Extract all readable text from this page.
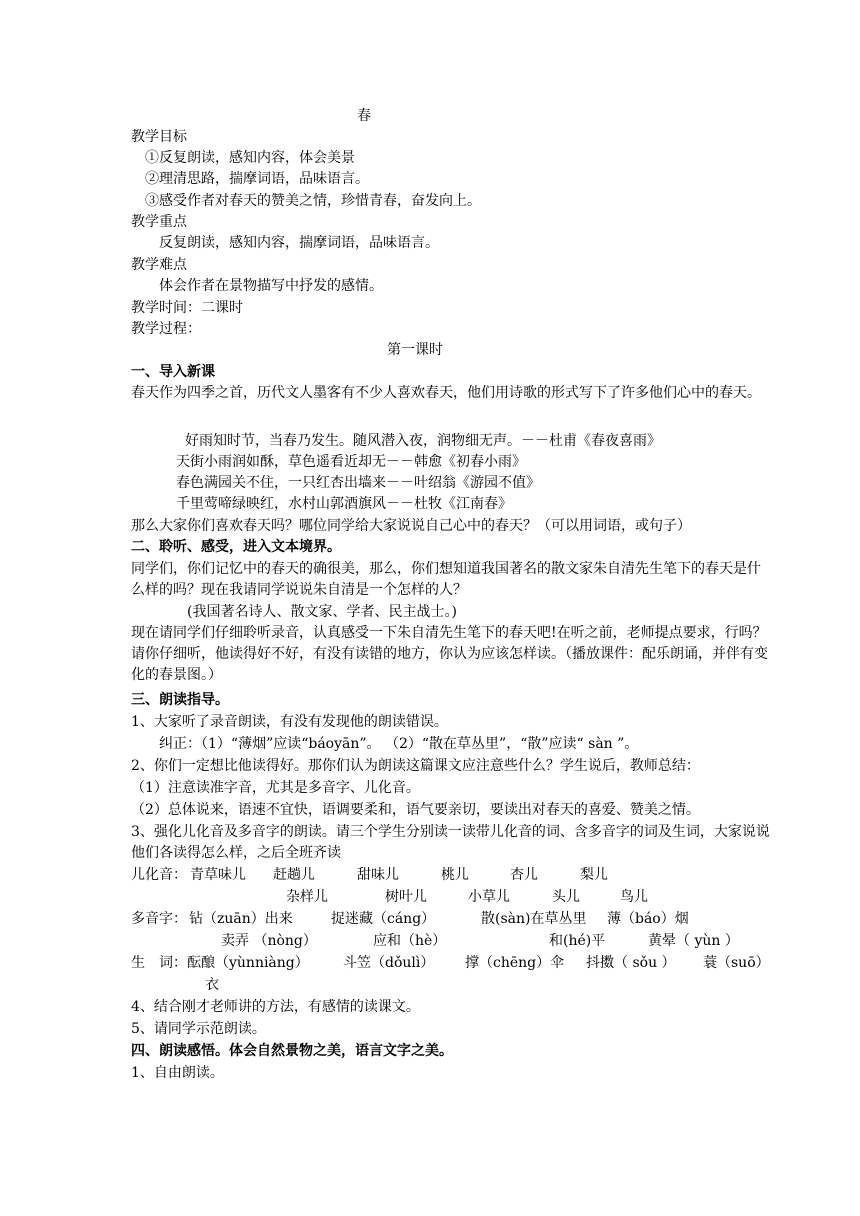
春
教学目标
①反复朗读，感知内容，体会美景
②理清思路，揣摩词语，品味语言。
③感受作者对春天的赞美之情，珍惜青春，奋发向上。
教学重点
反复朗读，感知内容，揣摩词语，品味语言。
教学难点
体会作者在景物描写中抒发的感情。
教学时间：二课时
教学过程：
第一课时
一、导入新课
春天作为四季之首，历代文人墨客有不少人喜欢春天，他们用诗歌的形式写下了许多他们心中的春天。
好雨知时节，当春乃发生。随风潜入夜，润物细无声。－－杜甫《春夜喜雨》
天街小雨润如酥，草色遥看近却无－－韩愈《初春小雨》
春色满园关不住，一只红杏出墙来－－叶绍翁《游园不值》
千里莺啼绿映红，水村山郭酒旗风－－杜牧《江南春》
那么大家你们喜欢春天吗？哪位同学给大家说说自己心中的春天？（可以用词语，或句子）
二、聆听、感受，进入文本境界。
同学们，你们记忆中的春天的确很美，那么，你们想知道我国著名的散文家朱自清先生笔下的春天是什么样的吗？现在我请同学说说朱自清是一个怎样的人？
(我国著名诗人、散文家、学者、民主战士。)
现在请同学们仔细聆听录音，认真感受一下朱自清先生笔下的春天吧!在听之前，老师提点要求，行吗？请你仔细听，他读得好不好，有没有读错的地方，你认为应该怎样读。（播放课件：配乐朗诵，并伴有变化的春景图。）
三、朗读指导。
1、大家听了录音朗读，有没有发现他的朗读错误。
纠正：（1）“薄烟”应读“báoyān”。 （2）“散在草丛里”，“散”应读“ sàn ”。
2、你们一定想比他读得好。那你们认为朗读这篇课文应注意些什么？学生说后，教师总结：
（1）注意读准字音，尤其是多音字、儿化音。
（2）总体说来，语速不宜快，语调要柔和，语气要亲切，要读出对春天的喜爱、赞美之情。
3、强化儿化音及多音字的朗读。请三个学生分别读一读带儿化音的词、含多音字的词及生词，大家说说他们各读得怎么样，之后全班齐读
儿化音： 青草味儿 赶趟儿	甜味儿	桃儿	杏儿	梨儿
杂样儿	树叶儿	小草儿	头儿	鸟儿
多音字： 钻（zuān）出来	捉迷藏（cáng）	散(sàn)在草丛里 薄（báo）烟
卖弄 （nòng）	应和（hè）	和(hé)平	黄晕（ yùn ）
生 词： 酝酿（yùnniàng） 斗笠（dǒulì） 撑（chēng）伞 抖擞（ sǒu ） 蓑（suō）
衣
4、结合刚才老师讲的方法，有感情的读课文。
5、请同学示范朗读。
四、朗读感悟。体会自然景物之美，语言文字之美。
1、自由朗读。
